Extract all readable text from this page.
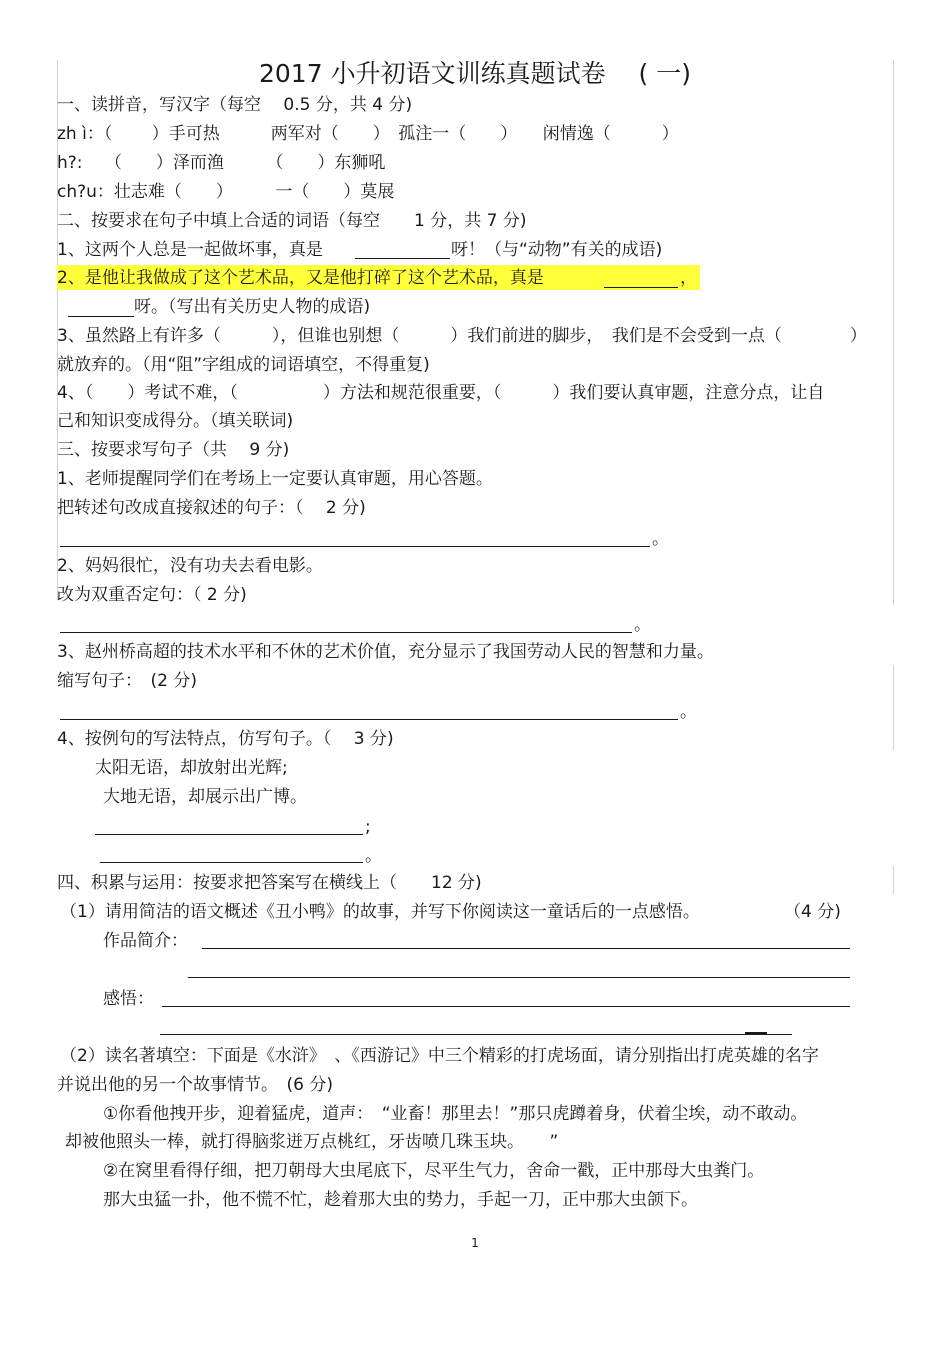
2017 小升初语文训练真题试卷　 ( 一)
一、读拼音，写汉字（每空　 0.5 分，共 4 分)
zh ì：（　　 ）手可热　　　两军对（　　）　孤注一（　　）　　闲情逸（　　　）
h?:　 （　　）泽而渔　　　（　　）东狮吼
ch?u：壮志难（　　）　　　一（　　）莫展
二、按要求在句子中填上合适的词语（每空　　1 分，共 7 分)
1、这两个人总是一起做坏事，真是	呀！（与“动物”有关的成语)
2、是他让我做成了这个艺术品，又是他打碎了这个艺术品，真是	，
呀。（写出有关历史人物的成语)
3、虽然路上有许多（　　　），但谁也别想（　　　）我们前进的脚步，　我们是不会受到一点（　　　　）
就放弃的。（用“阻”字组成的词语填空，不得重复)
4、（　　）考试不难，（　　　　　）方法和规范很重要，（　　　）我们要认真审题，注意分点，让自
己和知识变成得分。（填关联词)
三、按要求写句子（共　 9 分)
1、老师提醒同学们在考场上一定要认真审题，用心答题。
把转述句改成直接叙述的句子：（　 2 分)
。
2、妈妈很忙，没有功夫去看电影。
改为双重否定句：（ 2 分)
。
3、赵州桥高超的技术水平和不休的艺术价值，充分显示了我国劳动人民的智慧和力量。
缩写句子：　(2 分)
。
4、按例句的写法特点，仿写句子。（　 3 分)
太阳无语，却放射出光辉;
大地无语，却展示出广博。
;
。
四、积累与运用：按要求把答案写在横线上（　　12 分)
（1）请用简洁的语文概述《丑小鸭》的故事，并写下你阅读这一童话后的一点感悟。	（4 分)
作品简介：
感悟：
（2）读名著填空：下面是《水浒》　、《西游记》中三个精彩的打虎场面，请分别指出打虎英雄的名字
并说出他的另一个故事情节。　(6 分)
①你看他拽开步，迎着猛虎，道声：　“业畜！那里去！”那只虎蹲着身，伏着尘埃，动不敢动。
却被他照头一棒，就打得脑浆迸万点桃红，牙齿喷几珠玉块。　　”
②在窝里看得仔细，把刀朝母大虫尾底下，尽平生气力，舍命一戳，正中那母大虫粪门。
那大虫猛一扑，他不慌不忙，趁着那大虫的势力，手起一刀，正中那大虫颌下。
1
